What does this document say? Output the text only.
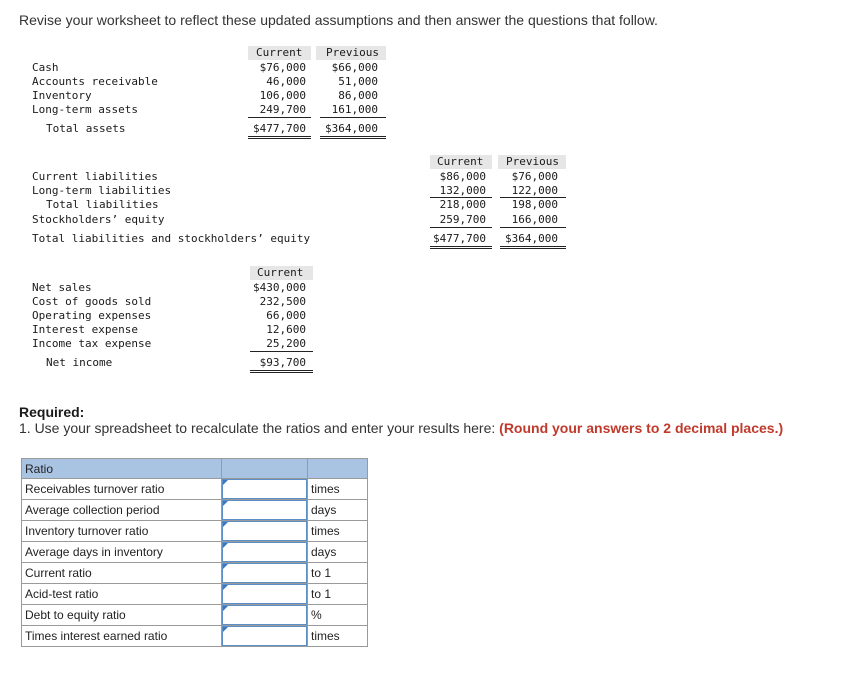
Revise your worksheet to reflect these updated assumptions and then answer the questions that follow.
Current Previous
Cash	$76,000	$66,000
Accounts receivable	46,000	51,000
Inventory	106,000	86,000
Long-term assets	249,700	161,000
Total assets	$477,700	$364,000
Current Previous
Current liabilities	$86,000	$76,000
Long-term liabilities	132,000	122,000
Total liabilities	218,000	198,000
Stockholders’ equity	259,700	166,000
Total liabilities and stockholders’ equity	$477,700	$364,000
Current
Net sales	$430,000
Cost of goods sold	232,500
Operating expenses	66,000
Interest expense	12,600
Income tax expense	25,200
Net income	$93,700
Required:
1. Use your spreadsheet to recalculate the ratios and enter your results here: (Round your answers to 2 decimal places.)
Ratio		
Receivables turnover ratio		times
Average collection period		days
Inventory turnover ratio		times
Average days in inventory		days
Current ratio		to 1
Acid-test ratio		to 1
Debt to equity ratio		%
Times interest earned ratio		times
